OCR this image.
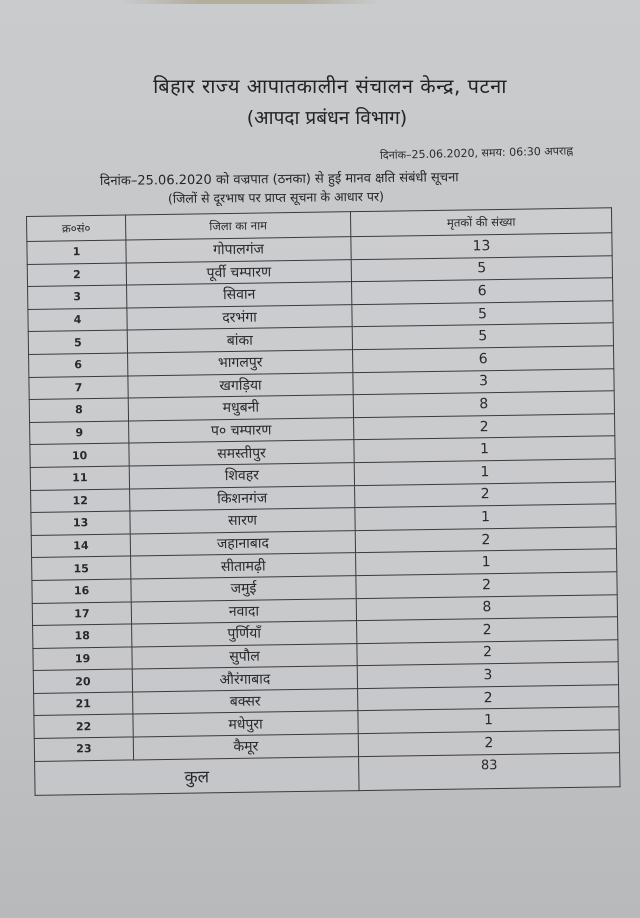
बिहार राज्य आपातकालीन संचालन केन्द्र, पटना
(आपदा प्रबंधन विभाग)
दिनांक–25.06.2020, समय: 06:30 अपराह्न
दिनांक–25.06.2020 को वज्रपात (ठनका) से हुई मानव क्षति संबंधी सूचना
(जिलों से दूरभाष पर प्राप्त सूचना के आधार पर)
क्र०सं०	जिला का नाम	मृतकों की संख्या
1	गोपालगंज	13
2	पूर्वी चम्पारण	5
3	सिवान	6
4	दरभंगा	5
5	बांका	5
6	भागलपुर	6
7	खगड़िया	3
8	मधुबनी	8
9	प० चम्पारण	2
10	समस्तीपुर	1
11	शिवहर	1
12	किशनगंज	2
13	सारण	1
14	जहानाबाद	2
15	सीतामढ़ी	1
16	जमुई	2
17	नवादा	8
18	पुर्णियाँ	2
19	सुपौल	2
20	औरंगाबाद	3
21	बक्सर	2
22	मधेपुरा	1
23	कैमूर	2
कुल		83
